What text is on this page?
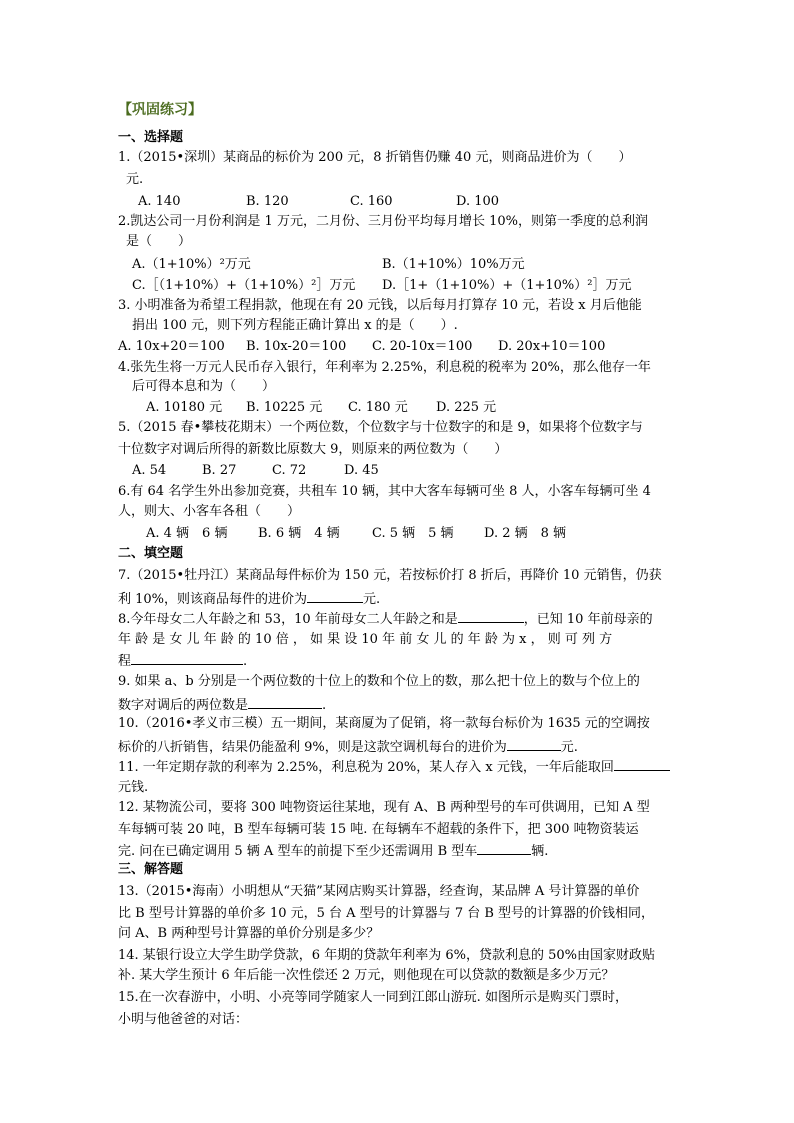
【巩固练习】
一、选择题
1.（2015•深圳）某商品的标价为 200 元，8 折销售仍赚 40 元，则商品进价为（　　）
元.
A. 140	B. 120	C. 160	D. 100
2.凯达公司一月份利润是 1 万元，二月份、三月份平均每月增长 10%，则第一季度的总利润
是（　　）
A.（1+10%）²万元	B.（1+10%）10%万元
C.［（1+10%）+（1+10%）²］万元 D.［1+（1+10%）+（1+10%）²］万元
3. 小明准备为希望工程捐款，他现在有 20 元钱，以后每月打算存 10 元，若设 x 月后他能
捐出 100 元，则下列方程能正确计算出 x 的是（　　）.
A. 10x+20＝100 B. 10x-20＝100 C. 20-10x＝100 D. 20x+10＝100
4.张先生将一万元人民币存入银行，年利率为 2.25%，利息税的税率为 20%，那么他存一年
后可得本息和为（　　）
A. 10180 元 B. 10225 元 C. 180 元 D. 225 元
5.（2015 春•攀枝花期末）一个两位数，个位数字与十位数字的和是 9，如果将个位数字与
十位数字对调后所得的新数比原数大 9，则原来的两位数为（　　）
A. 54	B. 27	C. 72	D. 45
6.有 64 名学生外出参加竞赛，共租车 10 辆，其中大客车每辆可坐 8 人，小客车每辆可坐 4
人，则大、小客车各租（　　）
A. 4 辆　6 辆 B. 6 辆　4 辆 C. 5 辆　5 辆 D. 2 辆　8 辆
二、填空题
7.（2015•牡丹江）某商品每件标价为 150 元，若按标价打 8 折后，再降价 10 元销售，仍获
利 10%，则该商品每件的进价为	元.
8.今年母女二人年龄之和 53，10 年前母女二人年龄之和是	，已知 10 年前母亲的
年 龄 是 女 儿 年 龄 的 10 倍 ， 如 果 设 10 年 前 女 儿 的 年 龄 为 x ， 则 可 列 方
程	.
9. 如果 a、b 分别是一个两位数的十位上的数和个位上的数，那么把十位上的数与个位上的
数字对调后的两位数是	.
10.（2016•孝义市三模）五一期间，某商厦为了促销，将一款每台标价为 1635 元的空调按
标价的八折销售，结果仍能盈利 9%，则是这款空调机每台的进价为	元.
11. 一年定期存款的利率为 2.25%，利息税为 20%，某人存入 x 元钱，一年后能取回
元钱.
12. 某物流公司，要将 300 吨物资运往某地，现有 A、B 两种型号的车可供调用，已知 A 型
车每辆可装 20 吨，B 型车每辆可装 15 吨. 在每辆车不超载的条件下，把 300 吨物资装运
完. 问在已确定调用 5 辆 A 型车的前提下至少还需调用 B 型车	辆.
三、解答题
13.（2015•海南）小明想从“天猫”某网店购买计算器，经查询，某品牌 A 号计算器的单价
比 B 型号计算器的单价多 10 元，5 台 A 型号的计算器与 7 台 B 型号的计算器的价钱相同，
问 A、B 两种型号计算器的单价分别是多少？
14. 某银行设立大学生助学贷款，6 年期的贷款年利率为 6%，贷款利息的 50%由国家财政贴
补. 某大学生预计 6 年后能一次性偿还 2 万元，则他现在可以贷款的数额是多少万元？
15.在一次春游中，小明、小亮等同学随家人一同到江郎山游玩. 如图所示是购买门票时，
小明与他爸爸的对话：
